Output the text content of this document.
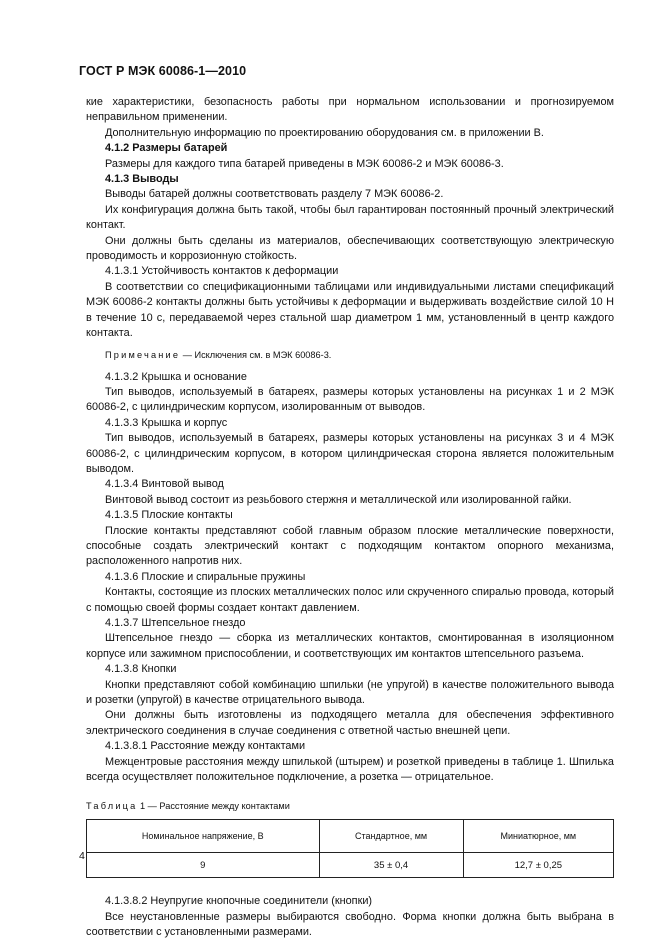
ГОСТ Р МЭК 60086-1—2010

кие характеристики, безопасность работы при нормальном использовании и прогнозируемом неправильном применении.

Дополнительную информацию по проектированию оборудования см. в приложении В.

4.1.2 Размеры батарей

Размеры для каждого типа батарей приведены в МЭК 60086-2 и МЭК 60086-3.

4.1.3 Выводы

Выводы батарей должны соответствовать разделу 7 МЭК 60086-2.

Их конфигурация должна быть такой, чтобы был гарантирован постоянный прочный электрический контакт.

Они должны быть сделаны из материалов, обеспечивающих соответствующую электрическую проводимость и коррозионную стойкость.

4.1.3.1 Устойчивость контактов к деформации

В соответствии со спецификационными таблицами или индивидуальными листами спецификаций МЭК 60086-2 контакты должны быть устойчивы к деформации и выдерживать воздействие силой 10 Н в течение 10 с, передаваемой через стальной шар диаметром 1 мм, установленный в центр каждого контакта.

Примечание — Исключения см. в МЭК 60086-3.

4.1.3.2 Крышка и основание

Тип выводов, используемый в батареях, размеры которых установлены на рисунках 1 и 2 МЭК 60086-2, с цилиндрическим корпусом, изолированным от выводов.

4.1.3.3 Крышка и корпус

Тип выводов, используемый в батареях, размеры которых установлены на рисунках 3 и 4 МЭК 60086-2, с цилиндрическим корпусом, в котором цилиндрическая сторона является положительным выводом.

4.1.3.4 Винтовой вывод

Винтовой вывод состоит из резьбового стержня и металлической или изолированной гайки.

4.1.3.5 Плоские контакты

Плоские контакты представляют собой главным образом плоские металлические поверхности, способные создать электрический контакт с подходящим контактом опорного механизма, расположенного напротив них.

4.1.3.6 Плоские и спиральные пружины

Контакты, состоящие из плоских металлических полос или скрученного спиралью провода, который с помощью своей формы создает контакт давлением.

4.1.3.7 Штепсельное гнездо

Штепсельное гнездо — сборка из металлических контактов, смонтированная в изоляционном корпусе или зажимном приспособлении, и соответствующих им контактов штепсельного разъема.

4.1.3.8 Кнопки

Кнопки представляют собой комбинацию шпильки (не упругой) в качестве положительного вывода и розетки (упругой) в качестве отрицательного вывода.

Они должны быть изготовлены из подходящего металла для обеспечения эффективного электрического соединения в случае соединения с ответной частью внешней цепи.

4.1.3.8.1 Расстояние между контактами

Межцентровые расстояния между шпилькой (штырем) и розеткой приведены в таблице 1. Шпилька всегда осуществляет положительное подключение, а розетка — отрицательное.

Таблица 1 — Расстояние между контактами

Номинальное напряжение, В	Стандартное, мм	Миниатюрное, мм
9	35 ± 0,4	12,7 ± 0,25

4.1.3.8.2 Неупругие кнопочные соединители (кнопки)

Все неустановленные размеры выбираются свободно. Форма кнопки должна быть выбрана в соответствии с установленными размерами.

4
